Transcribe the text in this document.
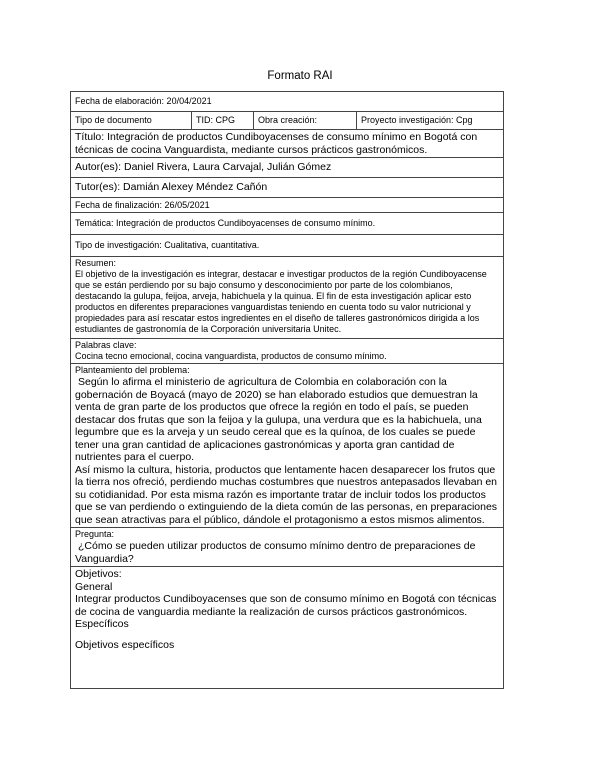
Formato RAI
Fecha de elaboración: 20/04/2021
Tipo de documento	TID: CPG	Obra creación:	Proyecto investigación: Cpg
Título: Integración de productos Cundiboyacenses de consumo mínimo en Bogotá con técnicas de cocina Vanguardista, mediante cursos prácticos gastronómicos.
Autor(es): Daniel Rivera, Laura Carvajal, Julián Gómez
Tutor(es): Damián Alexey Méndez Cañón
Fecha de finalización: 26/05/2021
Temática: Integración de productos Cundiboyacenses de consumo mínimo.
Tipo de investigación: Cualitativa, cuantitativa.

Resumen:
El objetivo de la investigación es integrar, destacar e investigar productos de la región Cundiboyacense que se están perdiendo por su bajo consumo y desconocimiento por parte de los colombianos, destacando la gulupa, feijoa, arveja, habichuela y la quinua. El fin de esta investigación aplicar esto productos en diferentes preparaciones vanguardistas teniendo en cuenta todo su valor nutricional y propiedades para así rescatar estos ingredientes en el diseño de talleres gastronómicos dirigida a los estudiantes de gastronomía de la Corporación universitaria Unitec.

Palabras clave:
Cocina tecno emocional, cocina vanguardista, productos de consumo mínimo.

Planteamiento del problema:

Según lo afirma el ministerio de agricultura de Colombia en colaboración con la gobernación de Boyacá (mayo de 2020) se han elaborado estudios que demuestran la venta de gran parte de los productos que ofrece la región en todo el país, se pueden destacar dos frutas que son la feijoa y la gulupa, una verdura que es la habichuela, una legumbre que es la arveja y un seudo cereal que es la quínoa, de los cuales se puede tener una gran cantidad de aplicaciones gastronómicas y aporta gran cantidad de nutrientes para el cuerpo.

Así mismo la cultura, historia, productos que lentamente hacen desaparecer los frutos que la tierra nos ofreció, perdiendo muchas costumbres que nuestros antepasados llevaban en su cotidianidad. Por esta misma razón es importante tratar de incluir todos los productos que se van perdiendo o extinguiendo de la dieta común de las personas, en preparaciones que sean atractivas para el público, dándole el protagonismo a estos mismos alimentos.

Pregunta:
¿Cómo se pueden utilizar productos de consumo mínimo dentro de preparaciones de Vanguardia?

Objetivos:
General
Integrar productos Cundiboyacenses que son de consumo mínimo en Bogotá con técnicas de cocina de vanguardia mediante la realización de cursos prácticos gastronómicos.
Específicos
Objetivos específicos
